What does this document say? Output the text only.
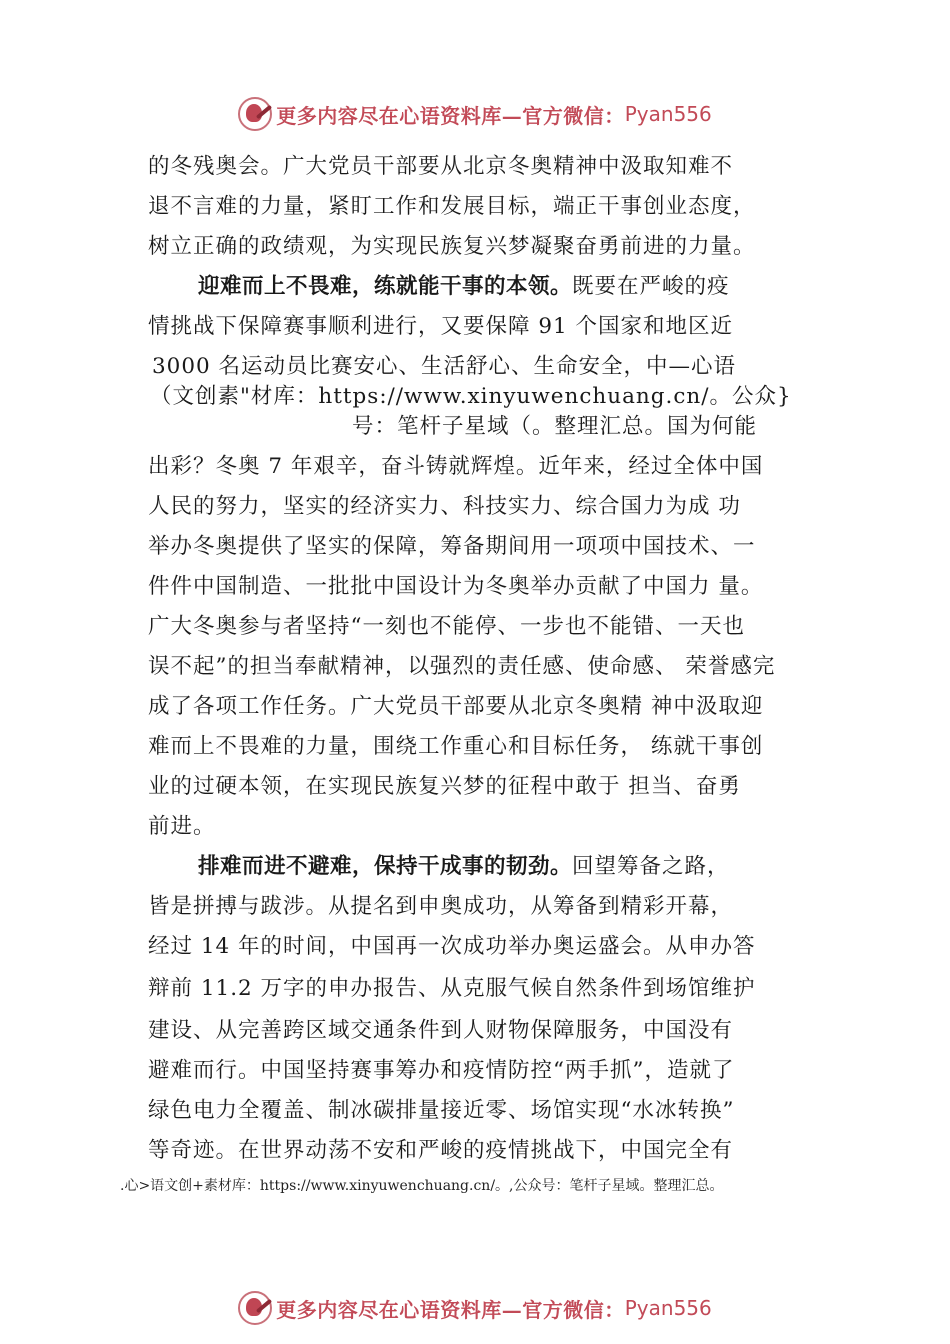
更多内容尽在心语资料库—官方微信： Pyan556
的冬残奥会。广大党员干部要从北京冬奥精神中汲取知难不
退不言难的力量，紧盯工作和发展目标，端正干事创业态度，
树立正确的政绩观，为实现民族复兴梦凝聚奋勇前进的力量。
迎难而上不畏难，练就能干事的本领。既要在严峻的疫
情挑战下保障赛事顺利进行，又要保障 91 个国家和地区近
3000 名运动员比赛安心、生活舒心、生命安全，中—心语
（文创素"材库：https://www.xinyuwenchuang.cn/。公众}
号：笔杆子星域（。整理汇总。国为何能
出彩？冬奥 7 年艰辛，奋斗铸就辉煌。近年来，经过全体中国
人民的努力，坚实的经济实力、科技实力、综合国力为成 功
举办冬奥提供了坚实的保障，筹备期间用一项项中国技术、一
件件中国制造、一批批中国设计为冬奥举办贡献了中国力 量。
广大冬奥参与者坚持“一刻也不能停、一步也不能错、一天也
误不起”的担当奉献精神，以强烈的责任感、使命感、 荣誉感完
成了各项工作任务。广大党员干部要从北京冬奥精 神中汲取迎
难而上不畏难的力量，围绕工作重心和目标任务， 练就干事创
业的过硬本领，在实现民族复兴梦的征程中敢于 担当、奋勇
前进。
排难而进不避难，保持干成事的韧劲。回望筹备之路，
皆是拼搏与跋涉。从提名到申奥成功，从筹备到精彩开幕，
经过 14 年的时间，中国再一次成功举办奥运盛会。从申办答
辩前 11.2 万字的申办报告、从克服气候自然条件到场馆维护
建设、从完善跨区域交通条件到人财物保障服务，中国没有
避难而行。中国坚持赛事筹办和疫情防控“两手抓”，造就了
绿色电力全覆盖、制冰碳排量接近零、场馆实现“水冰转换”
等奇迹。在世界动荡不安和严峻的疫情挑战下，中国完全有
.心>语文创+素材库：https://www.xinyuwenchuang.cn/。,公众号：笔杆子星域。整理汇总。
更多内容尽在心语资料库—官方微信： Pyan556
